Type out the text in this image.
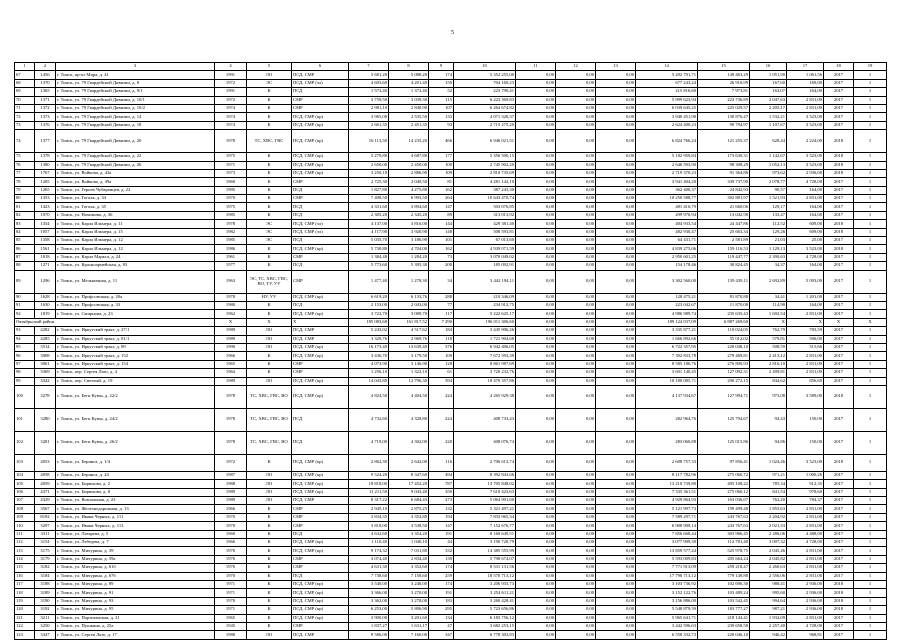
5
1	2	3	4	5	6	7	8	9	10	11	12	13	14	15	16	17	18	19
67	1456	г. Томск, пр-кт Мира, д. 41	1991	ЛО	ПСД, СМР	5 681,20	5 088,20	174	5 352 255,00	0,00	0,00	0,00	5 202 791,71	149 463,29	1 051,90	1 061,56	2017	1
68	1370	г. Томск, ул. 79 Гвардейской Дивизии, д. 8	1972	ЭС	ПСД, СМР (эл)	4 603,60	4 201,40	150	704 160,23	0,00	0,00	0,00	677 243,24	26 916,99	167,60	169,00	2017	1
69	1365	г. Томск, ул. 79 Гвардейской Дивизии, д. 9/1	1991	К	ПСД	1 572,40	1 372,40	52	223 790,41	0,00	0,00	0,00	215 816,60	7 973,81	163,07	164,00	2017	1
70	1371	г. Томск, ул. 79 Гвардейской Дивизии, д. 10/1	1972	К	СМР	3 759,50	3 039,30	115	6 223 369,83	0,00	0,00	0,00	5 999 623,94	223 736,89	2 047,63	2 831,00	2017	1
71	1372	г. Томск, ул. 79 Гвардейской Дивизии, д. 10/2	1974	К	СМР	2 981,10	2 840,90	107	6 264 674,82	0,00	0,00	0,00	6 039 645,25	225 029,57	2 205,17	2 831,00	2017	1
72	1373	г. Томск, ул. 79 Гвардейской Дивизии, д. 14	1974	К	ПСД, СМР (кр)	3 965,00	2 535,50	133	4 071 328,37	0,00	0,00	0,00	3 940 451,90	130 876,47	1 532,21	3 523,00	2017	1
73	1376	г. Томск, ул. 79 Гвардейской Дивизии, д. 18	1974	К	ПСД, СМР (кр)	2 661,35	2 451,35	93	2 715 275,20	0,00	0,00	0,00	2 624 400,23	90 794,97	1 107,67	3 523,00	2017	1
74	1377	г. Томск, ул. 79 Гвардейской Дивизии, д. 20	1978	ТС, ХВС, ГВС	ПСД, СМР (кр)	16 113,50	14 235,20	466	6 946 021,51	0,00	0,00	0,00	6 824 766,24	121 255,37	628,44	2 224,00	2018	1
75	1378	г. Томск, ул. 79 Гвардейской Дивизии, д. 22	1975	К	ПСД, СМР (кр)	5 279,80	4 687,80	177	5 356 590,15	0,00	0,00	0,00	5 182 959,84	173 630,31	1 142,67	3 523,00	2018	1
76	1380	г. Томск, ул. 79 Гвардейской Дивизии, д. 26	1971	К	ПСД, СМР (кр)	2 650,00	2 450,00	100	2 745 902,20	0,00	0,00	0,00	2 646 593,90	98 308,29	1 052,13	3 523,00	2018	1
77	1767	г. Томск, ул. Войкова, д. 43а	1973	К	ПСД, СМР (кр)	3 250,10	2 886,90	109	2 810 735,69	0,00	0,00	0,00	2 719 370,23	91 364,86	973,62	2 936,00	2018	1
78	1205	г. Томск, ул. Войкова, д. 49а	1960	К	СМР	2 725,30	2 040,50	81	4 281 142,10	0,00	0,00	0,00	3 941 404,20	339 737,90	2 078,77	4 728,00	2017	1
79	1265	г. Томск, ул. Героев Чубаровцев, д. 22	1995	К	ПСД	1 827,80	4 275,80	162	387 243,30	0,00	0,00	0,00	362 400,37	24 842,93	90,57	164,00	2017	1
80	1353	г. Томск, ул. Гоголя, д. 34	1970	К	СМР	7 408,50	6 993,50	264	10 643 470,74	0,00	0,00	0,00	10 250 588,77	392 881,97	1 521,93	2 831,00	2017	1
81	1423	г. Томск, ул. Гоголя, д. 35	1975	К	ПСД	4 331,60	3 894,60	147	503 076,85	0,00	0,00	0,00	481 416,79	21 660,06	129,17	164,00	2017	1
82	1070	г. Томск, ул. Нахимова, д. 36	1985	К	ПСД	2 305,20	2 345,20	89	313 013,92	0,00	0,00	0,00	299 970,94	13 042,98	133,47	164,00	2017	1
83	1354	г. Томск, ул. Карла Ильмера, д. 11	1978	ЭС	ПСД, СМР (эл)	4 137,00	3 816,00	144	429 381,40	0,00	0,00	0,00	404 933,54	24 447,86	112,52	609,00	2018	1
84	1057	г. Томск, ул. Карла Ильмера, д. 15	1982	ЭС	ПСД, СМР (эл)	4 117,90	3 920,90	148	508 593,81	0,00	0,00	0,00	482 930,47	25 663,34	129,26	609,00	2018	1
85	1358	г. Томск, ул. Карла Ильмера, д. 12	1985	ЭС	ПСД	5 035,70	3 186,90	101	67 013,60	0,00	0,00	0,00	64 431,71	2 581,89	21,03	25,00	2017	1
86	1561	г. Томск, ул. Карла Ильмера, д. 12	1986	К	ПСД, СМР (кр)	5 730,80	4 704,00	162	4 939 071,59	0,00	0,00	0,00	4 839 275,06	159 116,53	1 129,13	3 523,00	2018	1
87	1818	г. Томск, ул. Карла Маркса, д. 24	1961	К	СМР	1 384,48	1 284,20	73	3 070 049,02	0,00	0,00	0,00	2 950 601,25	119 447,77	2 390,63	4 728,00	2017	1
88	1271	г. Томск, ул. Красноармейская, д. 83	1977	К	ПСД	5 773,60	5 395,30	200	185 092,91	0,00	0,00	0,00	154 178,46	30 824,45	34,37	164,00	2017	1
89	1296	г. Томск, ул. Мельничная, д. 11	1963	ЭС, ТС, ХВС, ГВС, ВО, ТУ, УУ	СМР	1 477,40	1 278,30	34	3 442 194,11	0,00	0,00	0,00	3 302 560,00	139 439,11	2 692,89	5 093,00	2017	1
90	1628	г. Томск, ул. Профсоюзная, д. 20а	1978	НУ, УУ	ПСД, СМР (кр)	6 619,20	6 133,76	288	210 346,09	0,00	0,00	0,00	128 475,21	81 870,88	34,41	1 201,00	2017	1
91	1630	г. Томск, ул. Профсоюзная, д. 33	1980	К	ПСД	2 153,00	2 043,00	77	234 912,75	0,00	0,00	0,00	223 042,67	11 870,08	114,98	164,00	2017	1
92	1819	г. Томск, ул. Смирнова, д. 23	1962	К	ПСД, СМР (кр)	3 722,70	3 089,70	117	5 222 625,17	0,00	0,00	0,00	4 986 989,74	235 635,43	1 692,54	2 831,00	2017	1
Октябрьский район			Х	Х	Х	185 083,68	161 817,52	7 290	196 011 306,60	0,00	0,00	0,00	189 124 037,09	6 887 269,60	Х	Х	Х	Х
93	4282	г. Томск, ул. Иркутский тракт, д. 27/1	1989	ЛО	ПСД, СМР	5 243,02	4 517,62	184	3 445 906,26	0,00	0,00	0,00	3 335 877,21	110 024,05	762,79	783,59	2017	1
94	4285	г. Томск, ул. Иркутский тракт, д. 81/1	1989	ЛО	ПСД, СМР	3 329,76	2 969,76	118	1 721 904,68	0,00	0,00	0,00	1 666 892,66	55 012,02	579,81	596,00	2017	1
95	3514	г. Томск, ул. Иркутский тракт, д. 89	1990	ЛО	ПСД, СМР (кр)	16 173,40	13 639,40	376	6 942 406,05	0,00	0,00	0,00	6 722 357,95	220 048,10	508,59	515,66	2017	1
96	3908	г. Томск, ул. Иркутский тракт, д. 152	1966	К	ПСД, СМР (кр)	3 436,70	3 179,50	109	7 672 593,39	0,00	0,00	0,00	7 392 833,78	279 469,81	2 413,12	2 831,00	2017	1
97	3061	г. Томск, ул. Иркутский тракт, д. 154	1965	К	СМР	4 073,90	3 146,90	128	8 861 987,69	0,00	0,00	0,00	8 585 186,76	276 800,93	2 816,10	2 831,00	2017	1
98	3369	г. Томск, пер. Сергея Лазо, д. 4	1964	К	СМР	1 256,10	1 322,10	61	3 720 232,76	0,00	0,00	0,00	3 601 140,45	127 092,31	2 499,81	2 831,00	2017	1
99	3342	г. Томск, пер. Светлый, д. 19	1989	ЛО	ПСД, СМР (кр)	14 043,80	12 796,30	394	10 470 357,86	0,00	0,00	0,00	10 180 085,71	290 272,15	844,62	856,69	2017	1
100	3278	г. Томск, ул. Беги Кумы, д. 22/2	1978	ТС, ХВС, ГВС, ВО	ПСД, СМР (кр)	4 824,50	4 404,50	224	4 265 929,38	0,00	0,00	0,00	4 137 934,67	127 994,71	973,08	3 589,00	2018	1
101	3280	г. Томск, ул. Беги Кумы, д. 24/2	1978	ТС, ХВС, ГВС, ВО	ПСД	4 732,60	4 328,80	224	408 733,43	0,00	0,00	0,00	282 964,76	125 794,67	94,43	150,00	2017	1
102	3281	г. Томск, ул. Беги Кумы, д. 26/2	1978	ТС, ХВС, ГВС, ВО	ПСД	4 719,00	4 302,00	220	408 076,74	0,00	0,00	0,00	283 060,88	125 015,86	94,86	150,00	2017	1
103	4053	г. Томск, ул. Беринга, д. 1/4	1972	К	ПСД, СМР (кр)	2 862,30	2 642,00	116	2 706 613,74	0,00	0,00	0,00	2 608 757,33	97 856,41	1 024,46	3 523,00	2018	1
104	4058	г. Томск, ул. Беринга, д. 24	1987	ЛО	ПСД, СМР (кр)	9 524,20	8 347,60	494	8 392 843,66	0,00	0,00	0,00	8 117 782,96	275 060,72	971,21	1 000,26	2017	1
105	4059	г. Томск, ул. Бирюкова, д. 2	1988	ЛО	ПСД, СМР (кр)	18 818,00	17 452,20	787	13 705 848,02	0,00	0,00	0,00	13 210 739,80	495 108,22	785,34	912,35	2017	1
106	4371	г. Томск, ул. Бирюкова, д. 8	1989	ЛО	ПСД, СМР (кр)	11 211,50	9 043,40	350	7 610 423,63	0,00	0,00	0,00	7 335 361,51	275 060,12	841,54	978,60	2017	1
107	4329	г. Томск, ул. Вокзальная, д. 23	1989	ЛО	ПСД, СМР	8 317,22	6 684,43	273	5 064 901,60	0,00	0,00	0,00	4 929 864,93	163 036,67	762,20	784,37	2017	1
108	3567	г. Томск, ул. Железнодорожная, д. 13	1966	К	СМР	2 945,10	2 875,25	132	5 321 497,21	0,00	0,00	0,00	5 121 997,73	199 499,48	1 855,63	2 831,00	2017	1
109	8192	г. Томск, ул. Ивана Черных, д. 111	1970	К	СМР	3 834,35	3 352,80	194	7 833 965,34	0,00	0,00	0,00	7 589 297,71	243 767,63	2 204,92	2 831,00	2017	1
110	3297	г. Томск, ул. Ивана Черных, д. 113	1970	К	СМР	3 818,00	3 538,50	147	7 152 676,77	0,00	0,00	0,00	6 908 909,14	243 767,63	2 021,33	2 831,00	2017	1
111	3311	г. Томск, ул. Лазарева, д. 5	1960	К	ПСД	4 632,60	3 354,20	191	8 160 649,51	0,00	0,00	0,00	7 856 668,44	303 986,45	2 286,06	4 488,00	2017	1
112	3154	г. Томск, ул. Лебедева, д. 7	1966	К	ПСД, СМР (кр)	1 110,40	1 040,10	44	3 190 720,79	0,00	0,00	0,00	3 077 999,39	112 781,40	3 007,32	4 728,00	2017	1
113	3175	г. Томск, ул. Мичурина, д. 39	1970	К	ПСД, СМР (кр)	9 174,32	7 031,80	332	14 385 555,99	0,00	0,00	0,00	13 859 577,24	525 978,75	2 045,46	2 831,00	2017	1
114	3179	г. Томск, ул. Мичурина, д. 59а	1970	К	СМР	3 074,40	2 834,40	139	5 798 674,07	0,00	0,00	0,00	5 593 009,83	205 664,24	2 045,82	2 831,00	2017	1
115	3182	г. Томск, ул. Мичурина, д. 61б	1970	К	СМР	4 631,30	3 352,60	174	8 531 131,56	0,00	0,00	0,00	7 771 913,09	259 218,47	2 260,63	2 831,00	2017	1
116	3184	г. Томск, ул. Мичурина, д. 67б	1970	К	ПСД	7 738,60	7 158,60	259	18 570 713,12	0,00	0,00	0,00	17 790 713,12	779 149,88	2 556,06	2 831,00	2017	1
117	3188	г. Томск, ул. Мичурина, д. 89	1971	К	ПСД, СМР (кр)	3 540,00	3 246,00	174	3 206 933,73	0,00	0,00	0,00	3 103 736,92	102 696,30	988,41	2 936,00	2018	1
118	3189	г. Томск, ул. Мичурина, д. 91	1971	К	ПСД, СМР (кр)	3 366,00	3 270,00	191	3 254 611,21	0,00	0,00	0,00	3 152 122,76	103 489,24	995,60	2 936,00	2018	1
119	3190	г. Томск, ул. Мичурина, д. 93	1970	К	ПСД, СМР (кр)	3 362,00	3 278,00	183	3 260 428,41	0,00	0,00	0,00	3 156 886,00	103 542,45	994,64	2 936,00	2018	1
120	3192	г. Томск, ул. Мичурина, д. 95	1971	К	ПСД, СМР (кр)	6 253,00	5 806,90	295	5 723 656,86	0,00	0,00	0,00	5 548 879,59	183 777,27	987,21	2 936,00	2018	1
121	3211	г. Томск, ул. Партизанская, д. 21	1965	К	ПСД, СМР (кр)	3 900,00	3 201,60	134	6 183 756,12	0,00	0,00	0,00	5 965 641,71	218 144,41	1 932,09	2 831,00	2017	1
122	3250	г. Томск, ул. Пушкина, д. 25а	1945	К	СМР	1 837,27	1 631,17	47	3 682 253,15	0,00	0,00	0,00	3 442 596,63	239 658,58	2 257,40	4 728,00	2017	1
123	3347	г. Томск, ул. Сергея Лазо, д. 17	1988	ЛО	ПСД, СМР	8 586,00	7 160,00	347	6 778 303,83	0,00	0,00	0,00	6 558 332,73	220 046,10	946,42	968,81	2017	1
